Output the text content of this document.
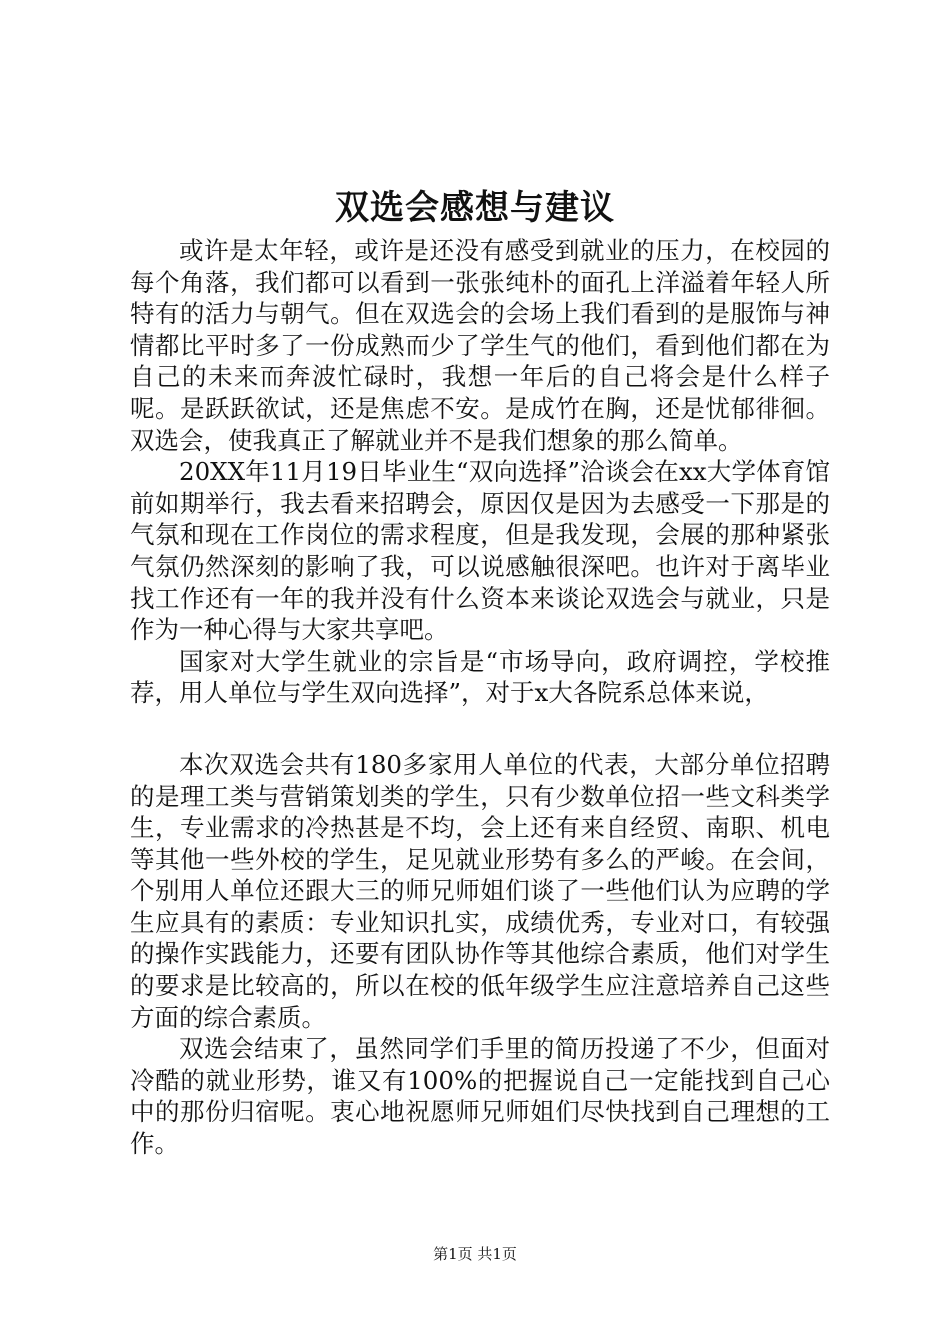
双选会感想与建议

或许是太年轻，或许是还没有感受到就业的压力，在校园的每个角落，我们都可以看到一张张纯朴的面孔上洋溢着年轻人所特有的活力与朝气。但在双选会的会场上我们看到的是服饰与神情都比平时多了一份成熟而少了学生气的他们，看到他们都在为自己的未来而奔波忙碌时，我想一年后的自己将会是什么样子呢。是跃跃欲试，还是焦虑不安。是成竹在胸，还是忧郁徘徊。双选会，使我真正了解就业并不是我们想象的那么简单。

20XX年11月19日毕业生“双向选择”洽谈会在xx大学体育馆前如期举行，我去看来招聘会，原因仅是因为去感受一下那是的气氛和现在工作岗位的需求程度，但是我发现，会展的那种紧张气氛仍然深刻的影响了我，可以说感触很深吧。也许对于离毕业找工作还有一年的我并没有什么资本来谈论双选会与就业，只是作为一种心得与大家共享吧。

国家对大学生就业的宗旨是“市场导向，政府调控，学校推荐，用人单位与学生双向选择”，对于x大各院系总体来说，

本次双选会共有180多家用人单位的代表，大部分单位招聘的是理工类与营销策划类的学生，只有少数单位招一些文科类学生，专业需求的冷热甚是不均，会上还有来自经贸、南职、机电等其他一些外校的学生，足见就业形势有多么的严峻。在会间，个别用人单位还跟大三的师兄师姐们谈了一些他们认为应聘的学生应具有的素质：专业知识扎实，成绩优秀，专业对口，有较强的操作实践能力，还要有团队协作等其他综合素质，他们对学生的要求是比较高的，所以在校的低年级学生应注意培养自己这些方面的综合素质。

双选会结束了，虽然同学们手里的简历投递了不少，但面对冷酷的就业形势，谁又有100%的把握说自己一定能找到自己心中的那份归宿呢。衷心地祝愿师兄师姐们尽快找到自己理想的工作。

第1页 共1页
